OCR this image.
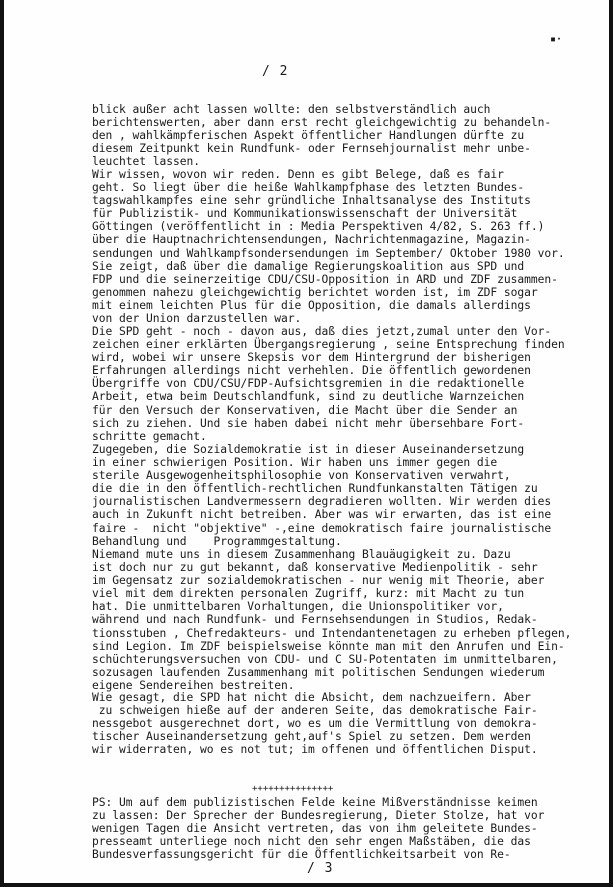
▪·
/ 2
blick außer acht lassen wollte: den selbstverständlich auch
berichtenswerten, aber dann erst recht gleichgewichtig zu behandeln-
den , wahlkämpferischen Aspekt öffentlicher Handlungen dürfte zu
diesem Zeitpunkt kein Rundfunk- oder Fernsehjournalist mehr unbe-
leuchtet lassen.
Wir wissen, wovon wir reden. Denn es gibt Belege, daß es fair
geht. So liegt über die heiße Wahlkampfphase des letzten Bundes-
tagswahlkampfes eine sehr gründliche Inhaltsanalyse des Instituts
für Publizistik- und Kommunikationswissenschaft der Universität
Göttingen (veröffentlicht in : Media Perspektiven 4/82, S. 263 ff.)
über die Hauptnachrichtensendungen, Nachrichtenmagazine, Magazin-
sendungen und Wahlkampfsondersendungen im September/ Oktober 1980 vor.
Sie zeigt, daß über die damalige Regierungskoalition aus SPD und
FDP und die seinerzeitige CDU/CSU-Opposition in ARD und ZDF zusammen-
genommen nahezu gleichgewichtig berichtet worden ist, im ZDF sogar
mit einem leichten Plus für die Opposition, die damals allerdings
von der Union darzustellen war.
Die SPD geht - noch - davon aus, daß dies jetzt,zumal unter den Vor-
zeichen einer erklärten Übergangsregierung , seine Entsprechung finden
wird, wobei wir unsere Skepsis vor dem Hintergrund der bisherigen
Erfahrungen allerdings nicht verhehlen. Die öffentlich gewordenen
Übergriffe von CDU/CSU/FDP-Aufsichtsgremien in die redaktionelle
Arbeit, etwa beim Deutschlandfunk, sind zu deutliche Warnzeichen
für den Versuch der Konservativen, die Macht über die Sender an
sich zu ziehen. Und sie haben dabei nicht mehr übersehbare Fort-
schritte gemacht.
Zugegeben, die Sozialdemokratie ist in dieser Auseinandersetzung
in einer schwierigen Position. Wir haben uns immer gegen die
sterile Ausgewogenheitsphilosophie von Konservativen verwahrt,
die die in den öffentlich-rechtlichen Rundfunkanstalten Tätigen zu
journalistischen Landvermessern degradieren wollten. Wir werden dies
auch in Zukunft nicht betreiben. Aber was wir erwarten, das ist eine
faire -  nicht "objektive" -,eine demokratisch faire journalistische
Behandlung und    Programmgestaltung.
Niemand mute uns in diesem Zusammenhang Blauäugigkeit zu. Dazu
ist doch nur zu gut bekannt, daß konservative Medienpolitik - sehr
im Gegensatz zur sozialdemokratischen - nur wenig mit Theorie, aber
viel mit dem direkten personalen Zugriff, kurz: mit Macht zu tun
hat. Die unmittelbaren Vorhaltungen, die Unionspolitiker vor,
während und nach Rundfunk- und Fernsehsendungen in Studios, Redak-
tionsstuben , Chefredakteurs- und Intendantenetagen zu erheben pflegen,
sind Legion. Im ZDF beispielsweise könnte man mit den Anrufen und Ein-
schüchterungsversuchen von CDU- und C SU-Potentaten im unmittelbaren,
sozusagen laufenden Zusammenhang mit politischen Sendungen wiederum
eigene Sendereihen bestreiten.
Wie gesagt, die SPD hat nicht die Absicht, dem nachzueifern. Aber
zu schweigen hieße auf der anderen Seite, das demokratische Fair-
nessgebot ausgerechnet dort, wo es um die Vermittlung von demokra-
tischer Auseinandersetzung geht,auf's Spiel zu setzen. Dem werden
wir widerraten, wo es not tut; im offenen und öffentlichen Disput.
+++++++++++++++
PS: Um auf dem publizistischen Felde keine Mißverständnisse keimen
zu lassen: Der Sprecher der Bundesregierung, Dieter Stolze, hat vor
wenigen Tagen die Ansicht vertreten, das von ihm geleitete Bundes-
presseamt unterliege noch nicht den sehr engen Maßstäben, die das
Bundesverfassungsgericht für die Öffentlichkeitsarbeit von Re-
/ 3
